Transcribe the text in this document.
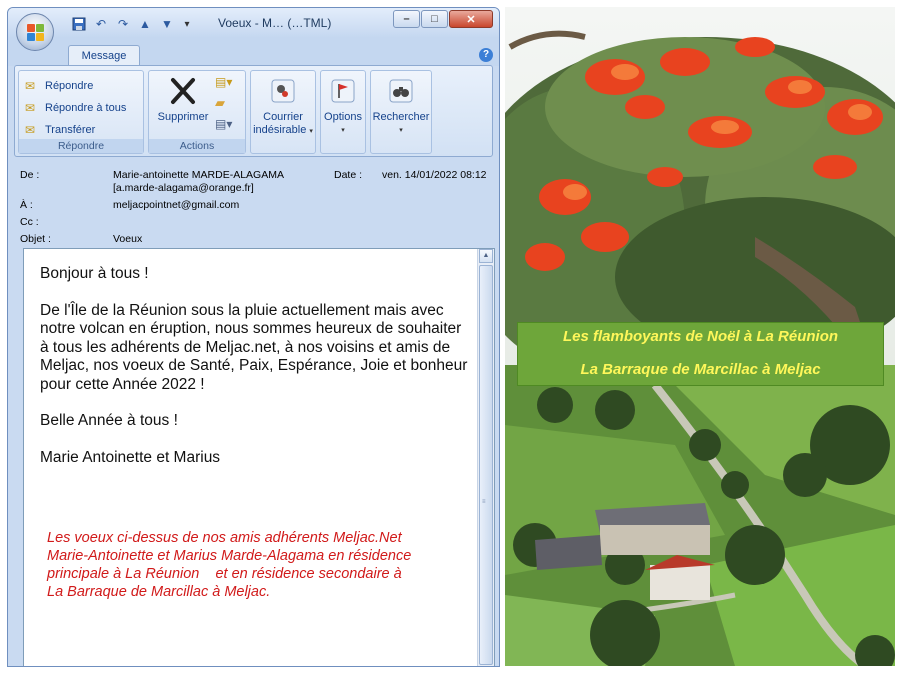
↶ ↷ ▲ ▼	▾	Voeux - M… (…TML)	–	□	✕
Message	?
✉ Répondre
✉ Répondre à tous
✉ Transférer
Répondre
Supprimer
▤▾
▰
▤▾
Actions
Courrier
indésirable ▾
Options
▾
Rechercher
▾
De :	Marie-antoinette MARDE-ALAGAMA
[a.marde-alagama@orange.fr]
Date : ven. 14/01/2022 08:12
À :	meljacpointnet@gmail.com
Cc :
Objet :	Voeux

Bonjour à tous !

De l'Île de la Réunion sous la pluie actuellement mais avec notre volcan en éruption, nous sommes heureux de souhaiter à tous les adhérents de Meljac.net, à nos voisins et amis de Meljac, nos voeux de Santé, Paix, Espérance, Joie et bonheur pour cette Année 2022 !

Belle Année à tous !

Marie Antoinette et Marius

Les voeux ci-dessus de nos amis adhérents Meljac.Net
Marie-Antoinette et Marius Marde-Alagama en résidence
principale à La Réunion    et en résidence secondaire à
La Barraque de Marcillac à Meljac.
▲
≡
Les flamboyants de Noël à La Réunion
La Barraque de Marcillac à Meljac
